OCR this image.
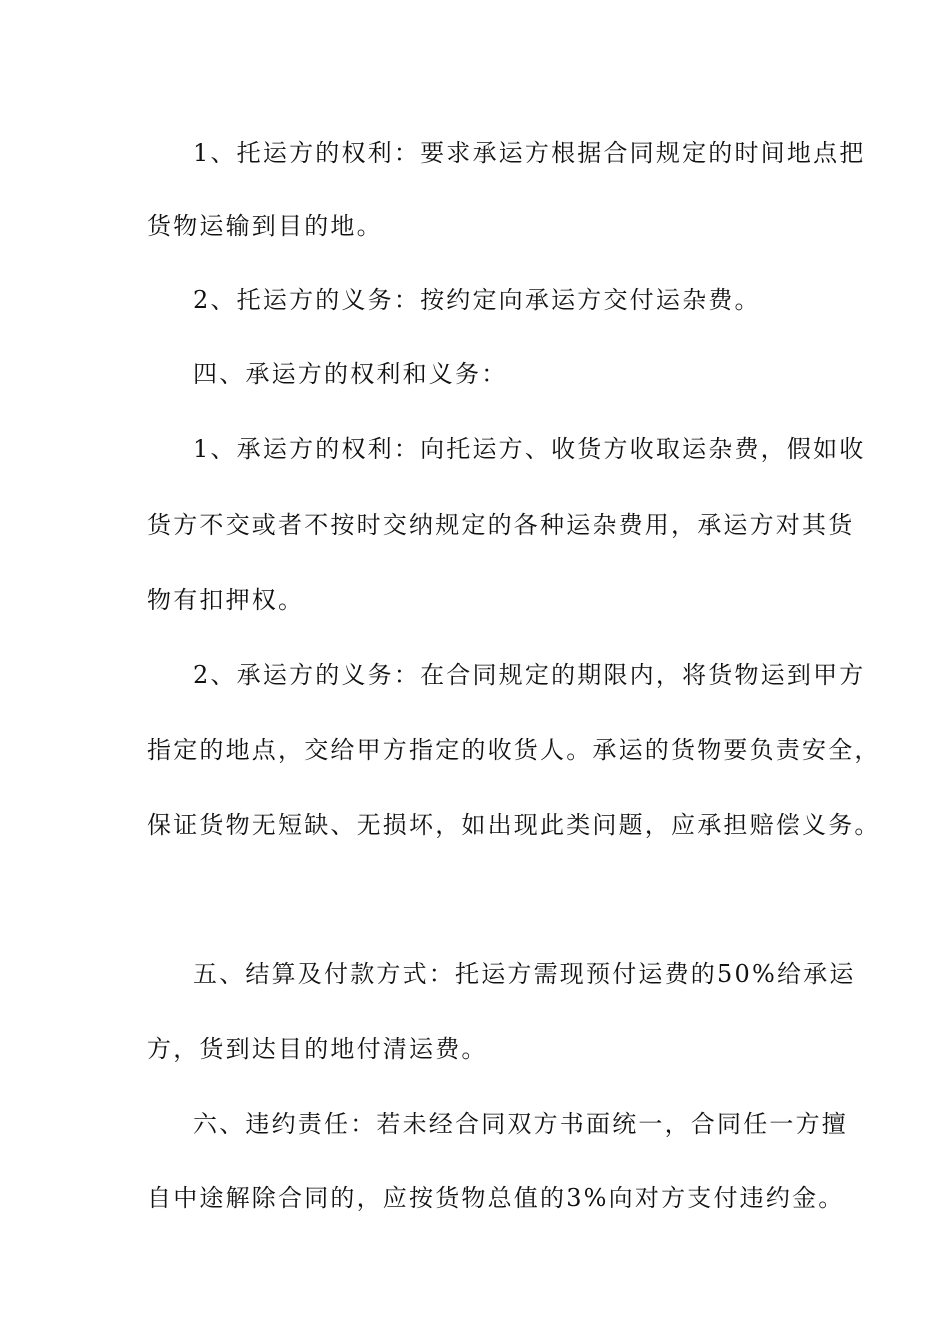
1、托运方的权利：要求承运方根据合同规定的时间地点把
货物运输到目的地。
2、托运方的义务：按约定向承运方交付运杂费。
四、承运方的权利和义务：
1、承运方的权利：向托运方、收货方收取运杂费，假如收
货方不交或者不按时交纳规定的各种运杂费用，承运方对其货
物有扣押权。
2、承运方的义务：在合同规定的期限内，将货物运到甲方
指定的地点，交给甲方指定的收货人。承运的货物要负责安全，
保证货物无短缺、无损坏，如出现此类问题，应承担赔偿义务。
五、结算及付款方式：托运方需现预付运费的50%给承运
方，货到达目的地付清运费。
六、违约责任：若未经合同双方书面统一，合同任一方擅
自中途解除合同的，应按货物总值的3%向对方支付违约金。
